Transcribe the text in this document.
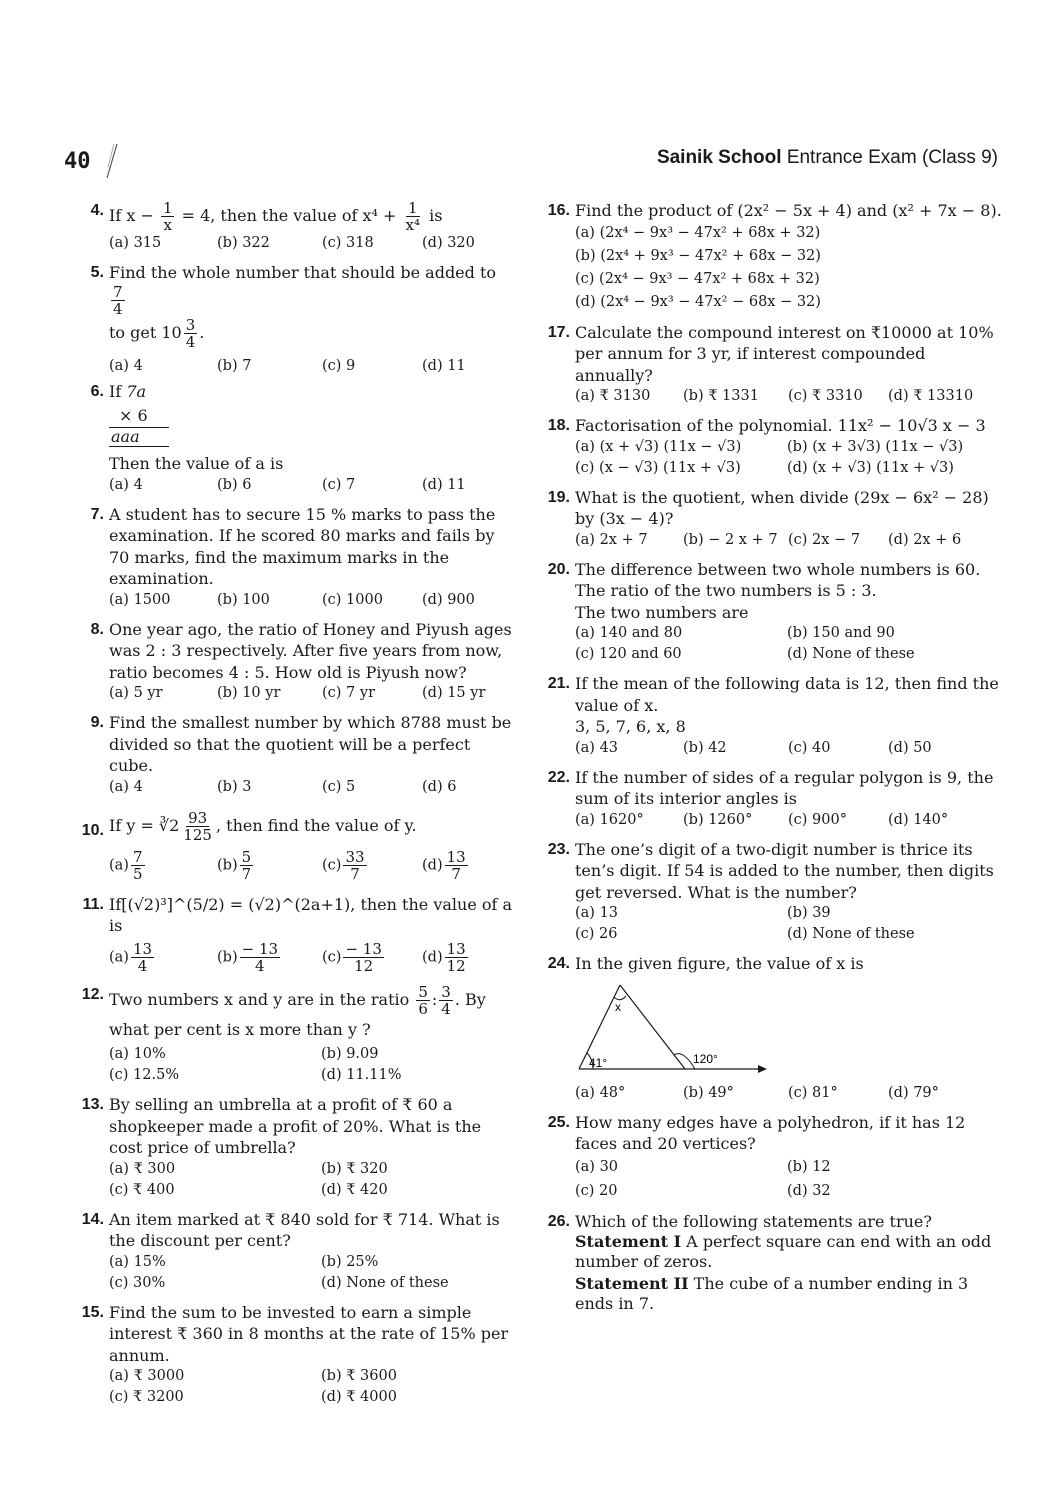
40	Sainik School Entrance Exam (Class 9)
4. If $x - \frac{1}{x} = 4$, then the value of $x^4 + \frac{1}{\text{x⁴}}$ is
(a) 315	(b) 322	(c) 318	(d) 320
5. Find the whole number that should be added to
$\frac{7}{4}$
to get $10 \frac{3}{4}$ .
(a) 4	(b) 7	(c) 9	(d) 11
6. If 7a
× 6
aaa
Then the value of a is
(a) 4	(b) 6	(c) 7	(d) 11
7. A student has to secure 15 % marks to pass the examination. If he scored 80 marks and fails by 70 marks, find the maximum marks in the examination.
(a) 1500	(b) 100	(c) 1000	(d) 900
8. One year ago, the ratio of Honey and Piyush ages was 2 : 3 respectively. After five years from now, ratio becomes 4 : 5. How old is Piyush now?
(a) 5 yr	(b) 10 yr	(c) 7 yr	(d) 15 yr
9. Find the smallest number by which 8788 must be divided so that the quotient will be a perfect cube.
(a) 4	(b) 3	(c) 5	(d) 6
10. If y = ∛2 $\frac{93}{125}$ , then find the value of y.
$(a) \frac{7}{5}$	$(b) \frac{5}{7}$	$(c) \frac{33}{7}$	$(d) \frac{13}{7}$
11. If[(√2)³]^(5/2) = (√2)^(2a+1), then the value of a is
$(a) \frac{13}{4}$	$(b) \frac{- 13}{4}$	$(c) \frac{- 13}{12}$	$(d) \frac{13}{12}$
12. Two numbers x and y are in the ratio $\frac{5}{6}$ : $\frac{3}{4}$ . By
what per cent is x more than y ?
(a) 10%	(b) 9.09
(c) 12.5%	(d) 11.11%
13. By selling an umbrella at a profit of ₹ 60 a shopkeeper made a profit of 20%. What is the cost price of umbrella?
(a) ₹ 300	(b) ₹ 320
(c) ₹ 400	(d) ₹ 420
14. An item marked at ₹ 840 sold for ₹ 714. What is the discount per cent?
(a) 15%	(b) 25%
(c) 30%	(d) None of these
15. Find the sum to be invested to earn a simple interest ₹ 360 in 8 months at the rate of 15% per annum.
(a) ₹ 3000	(b) ₹ 3600
(c) ₹ 3200	(d) ₹ 4000
16. Find the product of (2x² − 5x + 4) and (x² + 7x − 8).
(a) (2x⁴ − 9x³ − 47x² + 68x + 32)
(b) (2x⁴ + 9x³ − 47x² + 68x − 32)
(c) (2x⁴ − 9x³ − 47x² + 68x + 32)
(d) (2x⁴ − 9x³ − 47x² − 68x − 32)
17. Calculate the compound interest on ₹10000 at 10% per annum for 3 yr, if interest compounded annually?
(a) ₹ 3130	(b) ₹ 1331	(c) ₹ 3310	(d) ₹ 13310
18. Factorisation of the polynomial. 11x² − 10√3 x − 3
(a) (x + √3) (11x − √3)	(b) (x + 3√3) (11x − √3)
(c) (x − √3) (11x + √3)	(d) (x + √3) (11x + √3)
19. What is the quotient, when divide (29x − 6x² − 28) by (3x − 4)?
(a) 2x + 7	(b) − 2 x + 7 (c) 2x − 7	(d) 2x + 6
20. The difference between two whole numbers is 60. The ratio of the two numbers is 5 : 3.
The two numbers are
(a) 140 and 80	(b) 150 and 90
(c) 120 and 60	(d) None of these
21. If the mean of the following data is 12, then find the value of x.
3, 5, 7, 6, x, 8
(a) 43	(b) 42	(c) 40	(d) 50
22. If the number of sides of a regular polygon is 9, the sum of its interior angles is
(a) 1620°	(b) 1260°	(c) 900°	(d) 140°
23. The one’s digit of a two-digit number is thrice its ten’s digit. If 54 is added to the number, then digits get reversed. What is the number?
(a) 13	(b) 39
(c) 26	(d) None of these
24. In the given figure, the value of x is
x
41°	120°
(a) 48°	(b) 49°	(c) 81°	(d) 79°
25. How many edges have a polyhedron, if it has 12 faces and 20 vertices?
(a) 30	(b) 12
(c) 20	(d) 32
26. Which of the following statements are true?
Statement I A perfect square can end with an odd number of zeros.
Statement II The cube of a number ending in 3 ends in 7.
